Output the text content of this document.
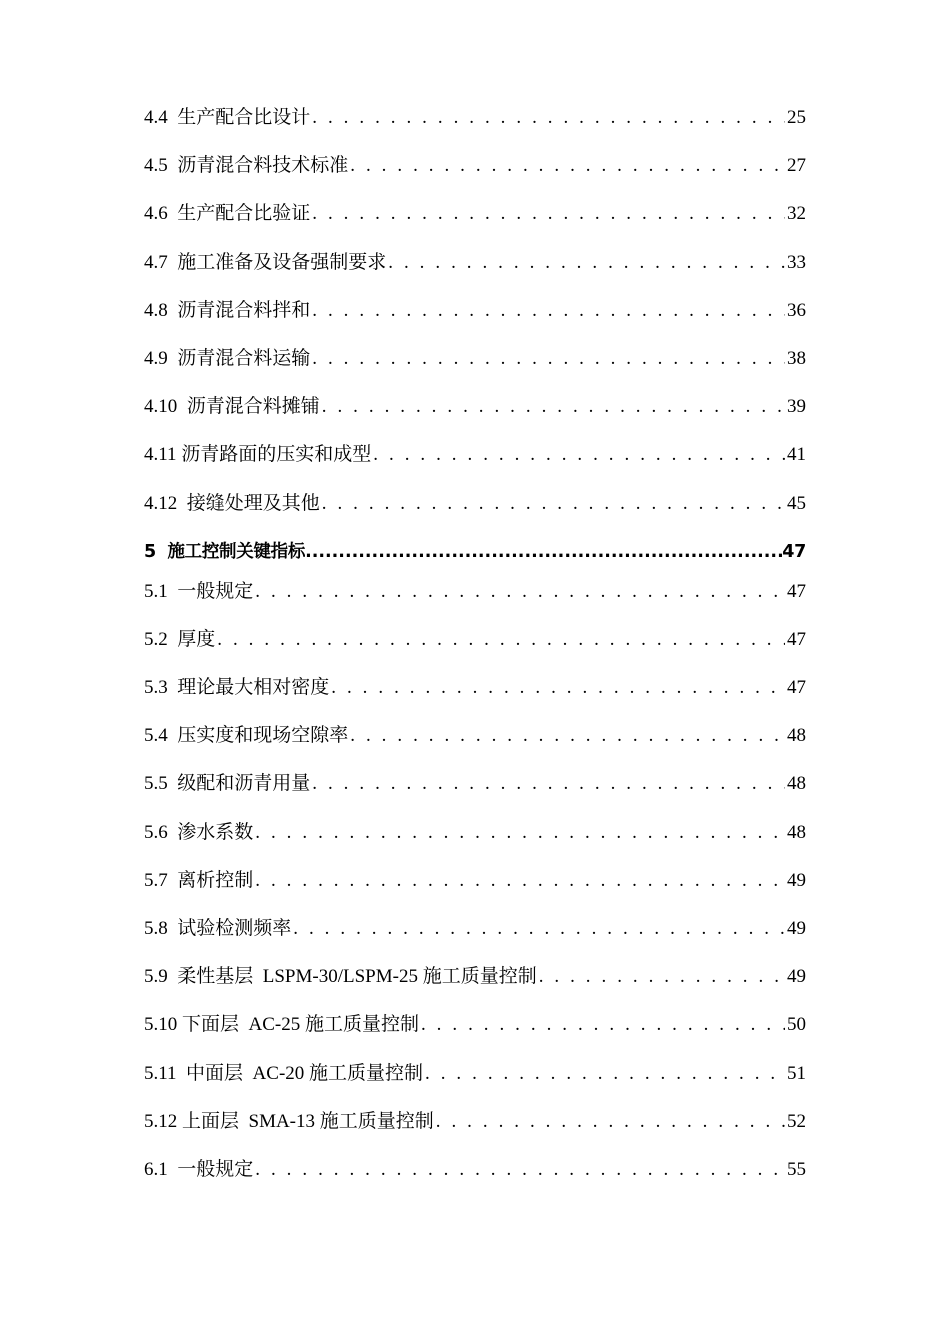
4.4  生产配合比设计 . . .	25
4.5  沥青混合料技术标准 . . .	27
4.6  生产配合比验证 . . .	32
4.7  施工准备及设备强制要求 . . .	33
4.8  沥青混合料拌和 . . .	36
4.9  沥青混合料运输 . . .	38
4.10  沥青混合料摊铺 . . .	39
4.11 沥青路面的压实和成型 . . .	41
4.12  接缝处理及其他 . . .	45
5  施工控制关键指标 .....	47
5.1  一般规定 . . .	47
5.2  厚度 . . .	47
5.3  理论最大相对密度 . . .	47
5.4  压实度和现场空隙率 . . .	48
5.5  级配和沥青用量 . . .	48
5.6  渗水系数 . . .	48
5.7  离析控制 . . .	49
5.8  试验检测频率 . . .	49
5.9  柔性基层  LSPM-30/LSPM-25 施工质量控制 . . .	49
5.10 下面层  AC-25 施工质量控制 . . .	50
5.11  中面层  AC-20 施工质量控制 . . .	51
5.12 上面层  SMA-13 施工质量控制 . . .	52
6.1  一般规定 . . .	55
